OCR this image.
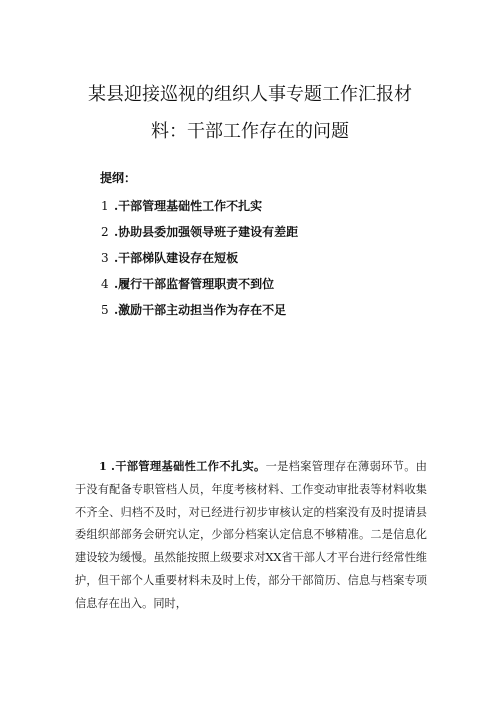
某县迎接巡视的组织人事专题工作汇报材
料：干部工作存在的问题
提纲：
1 .干部管理基础性工作不扎实
2 .协助县委加强领导班子建设有差距
3 .干部梯队建设存在短板
4 .履行干部监督管理职责不到位
5 .激励干部主动担当作为存在不足

1 .干部管理基础性工作不扎实。一是档案管理存在薄弱环节。由于没有配备专职管档人员，年度考核材料、工作变动审批表等材料收集不齐全、归档不及时，对已经进行初步审核认定的档案没有及时提请县委组织部部务会研究认定，少部分档案认定信息不够精准。二是信息化建设较为缓慢。虽然能按照上级要求对XX省干部人才平台进行经常性维护，但干部个人重要材料未及时上传，部分干部简历、信息与档案专项信息存在出入。同时，
